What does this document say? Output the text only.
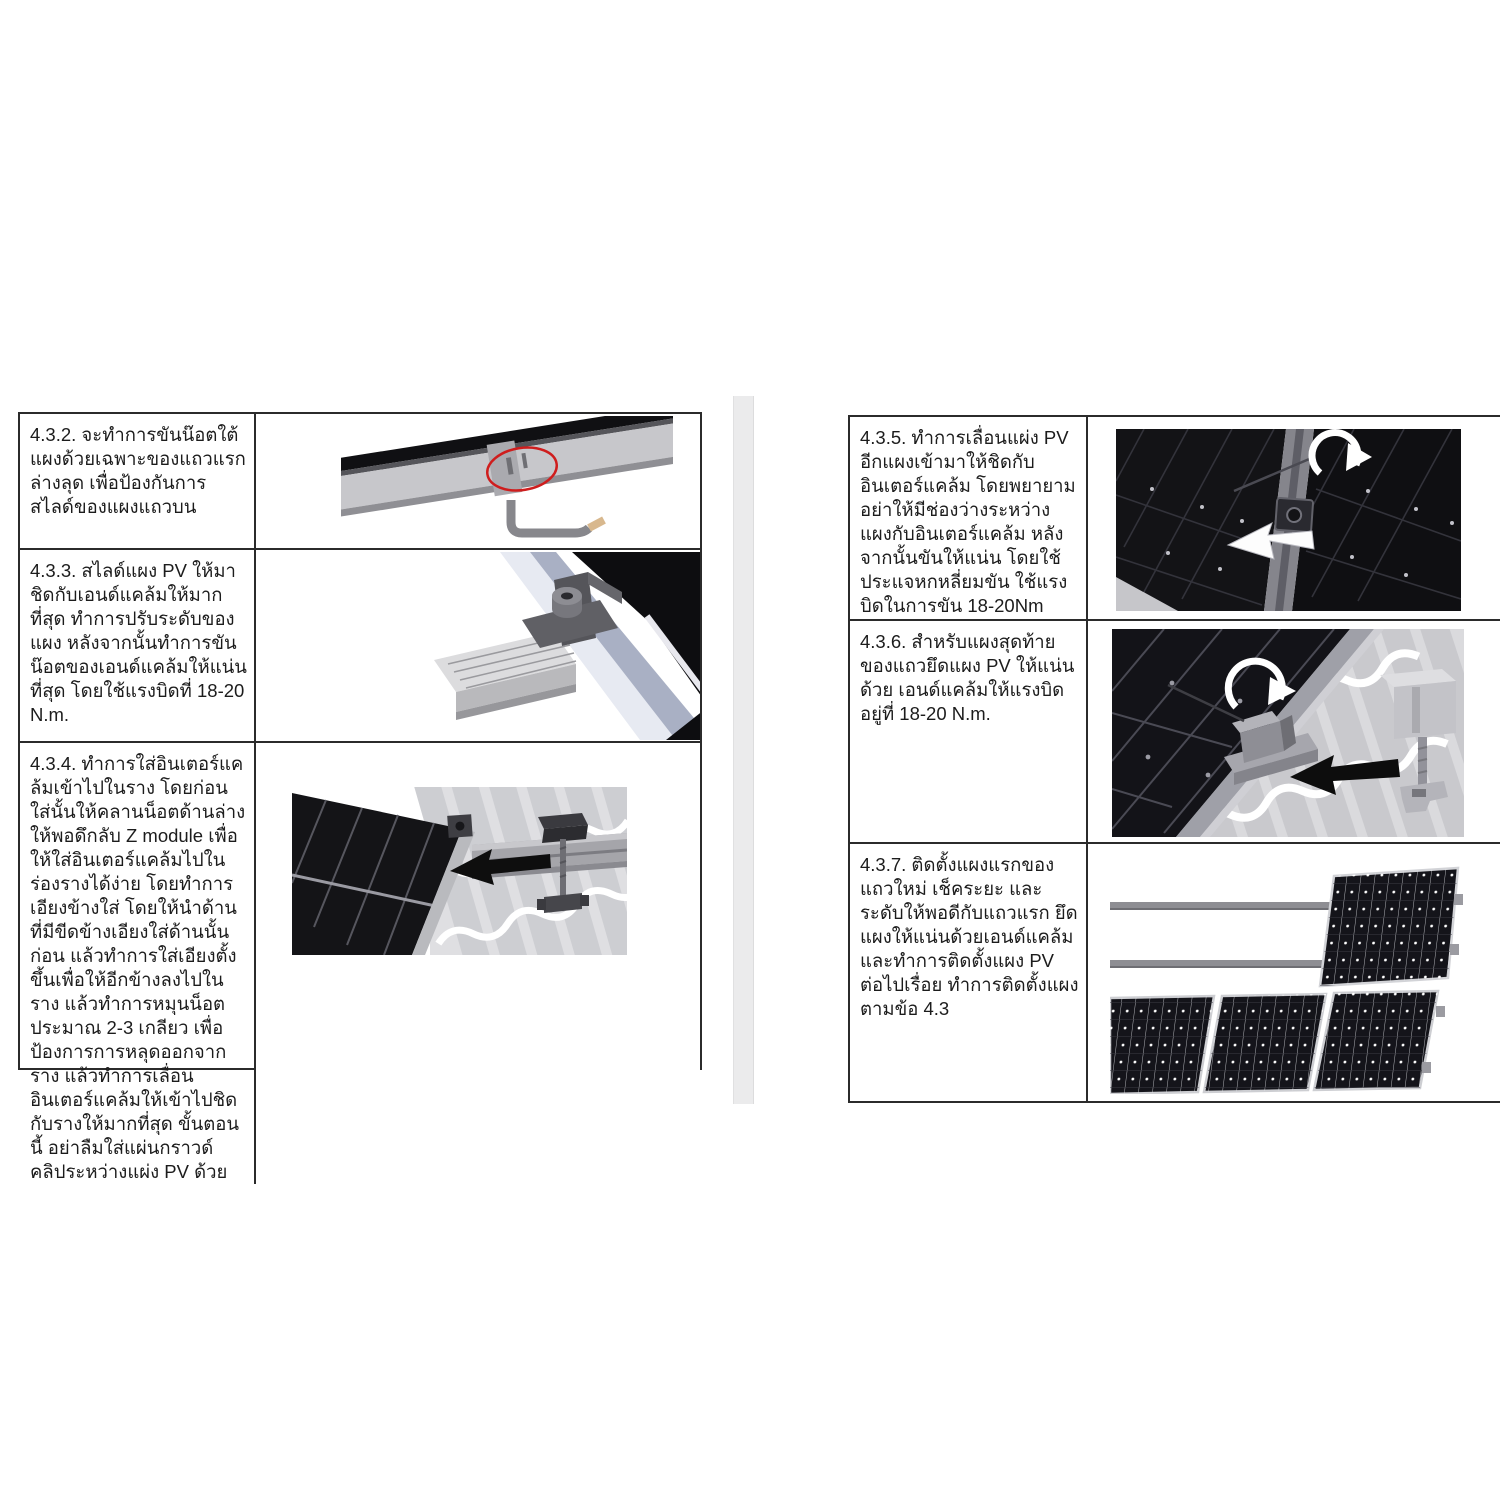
4.3.2. จะทำการขันน๊อตใต้แผงด้วยเฉพาะของแถวแรกล่างลุด เพื่อป้องกันการสไลด์ของแผงแถวบน
4.3.3. สไลด์แผง PV ให้มาชิดกับเอนด์แคล้มให้มากที่สุด ทำการปรับระดับของแผง หลังจากนั้นทำการขันน๊อตของเอนด์แคล้มให้แน่นที่สุด โดยใช้แรงบิดที่ 18-20 N.m.
4.3.4. ทำการใส่อินเตอร์แคล้มเข้าไปในราง โดยก่อนใส่นั้นให้คลานน็อตด้านล่างให้พอดึกลับ Z module เพื่อให้ใส่อินเตอร์แคล้มไปในร่องรางได้ง่าย โดยทำการเอียงข้างใส่ โดยให้นำด้านที่มีขีดข้างเอียงใส่ด้านนั้นก่อน แล้วทำการใส่เอียงตั้งขึ้นเพื่อให้อีกข้างลงไปในราง แล้วทำการหมุนน็อตประมาณ 2-3 เกลียว เพื่อป้องการการหลุดออกจากราง แล้วทำการเลื่อนอินเตอร์แคล้มให้เข้าไปชิดกับรางให้มากที่สุด ขั้นตอนนี้ อย่าลืมใส่แผ่นกราวด์คลิประหว่างแผ่ง PV ด้วย
4.3.5. ทำการเลื่อนแผ่ง PV อีกแผงเข้ามาให้ชิดกับอินเตอร์แคล้ม โดยพยายามอย่าให้มีช่องว่างระหว่างแผงกับอินเตอร์แคล้ม หลังจากนั้นขันให้แน่น โดยใช้ประแจหกหลี่ยมขัน ใช้แรงบิดในการขัน 18-20Nm
4.3.6. สำหรับแผงสุดท้ายของแถวยึดแผง PV ให้แน่นด้วย เอนด์แคล้มให้แรงบิดอยู่ที่ 18-20 N.m.
4.3.7. ติดตั้งแผงแรกของแถวใหม่ เช็คระยะ และระดับให้พอดีกับแถวแรก ยึดแผงให้แน่นด้วยเอนด์แคล้มและทำการติดตั้งแผง PV ต่อไปเรื่อย ทำการติดตั้งแผงตามข้อ 4.3
